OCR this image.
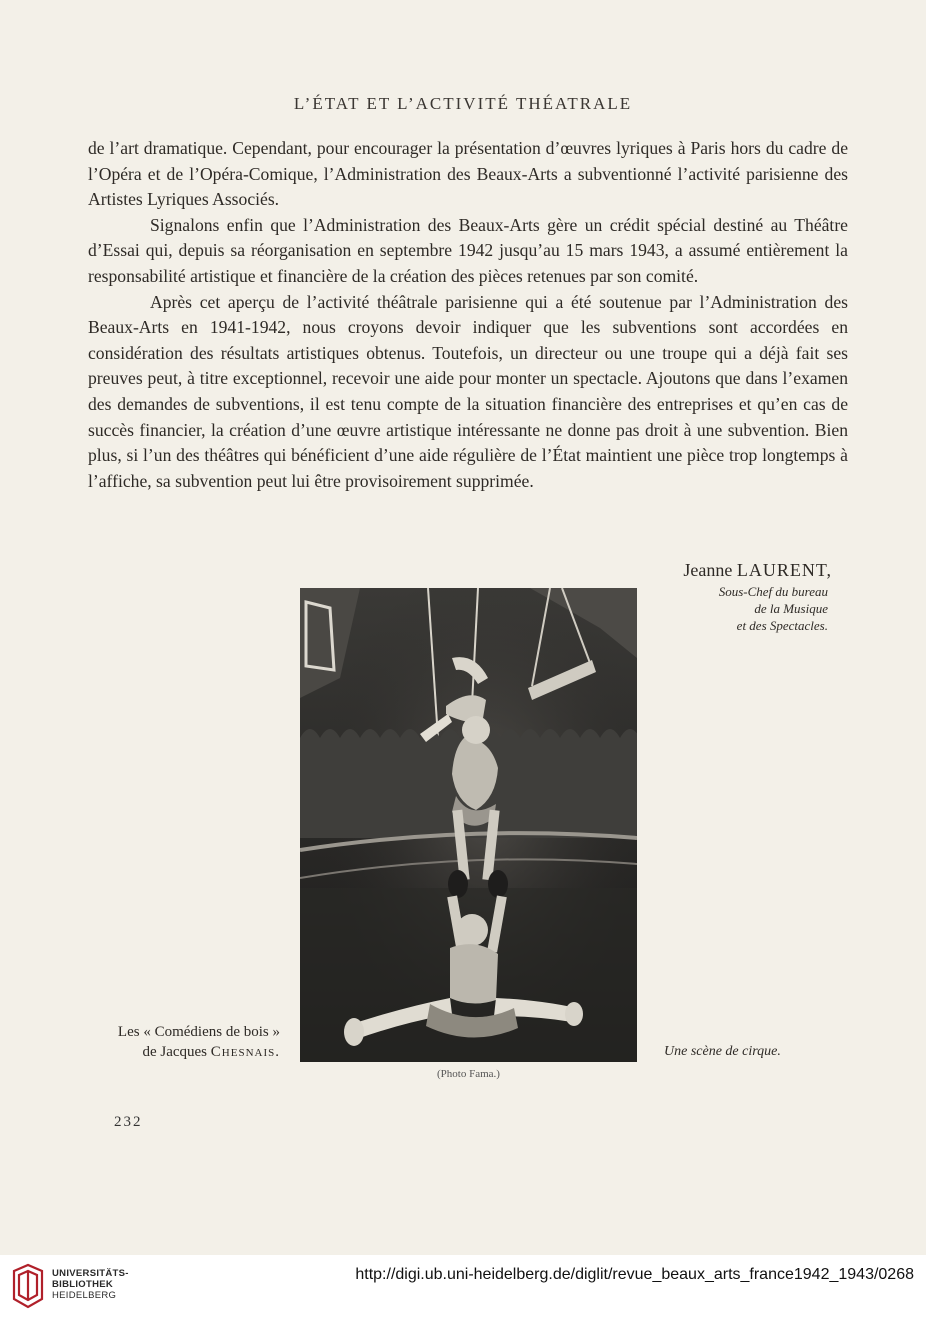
L’ÉTAT ET L’ACTIVITÉ THÉATRALE

de l’art dramatique. Cependant, pour encourager la présentation d’œuvres lyriques à Paris hors du cadre de l’Opéra et de l’Opéra-Comique, l’Administration des Beaux-Arts a subventionné l’activité parisienne des Artistes Lyriques Associés.

Signalons enfin que l’Administration des Beaux-Arts gère un crédit spécial destiné au Théâtre d’Essai qui, depuis sa réorganisation en septembre 1942 jusqu’au 15 mars 1943, a assumé entièrement la responsabilité artistique et financière de la création des pièces retenues par son comité.

Après cet aperçu de l’activité théâtrale parisienne qui a été soutenue par l’Administration des Beaux-Arts en 1941-1942, nous croyons devoir indiquer que les subventions sont accordées en considération des résultats artistiques obtenus. Toutefois, un directeur ou une troupe qui a déjà fait ses preuves peut, à titre exceptionnel, recevoir une aide pour monter un spectacle. Ajoutons que dans l’examen des demandes de subventions, il est tenu compte de la situation financière des entreprises et qu’en cas de succès financier, la création d’une œuvre artistique intéressante ne donne pas droit à une subvention. Bien plus, si l’un des théâtres qui bénéficient d’une aide régulière de l’État maintient une pièce trop longtemps à l’affiche, sa subvention peut lui être provisoirement supprimée.

Jeanne LAURENT,
Sous-Chef du bureau
de la Musique
et des Spectacles.
Les « Comédiens de bois »
de Jacques Chesnais.	Une scène de cirque.
(Photo Fama.)
232
UNIVERSITÄTS-
BIBLIOTHEK
HEIDELBERG
http://digi.ub.uni-heidelberg.de/diglit/revue_beaux_arts_france1942_1943/0268
